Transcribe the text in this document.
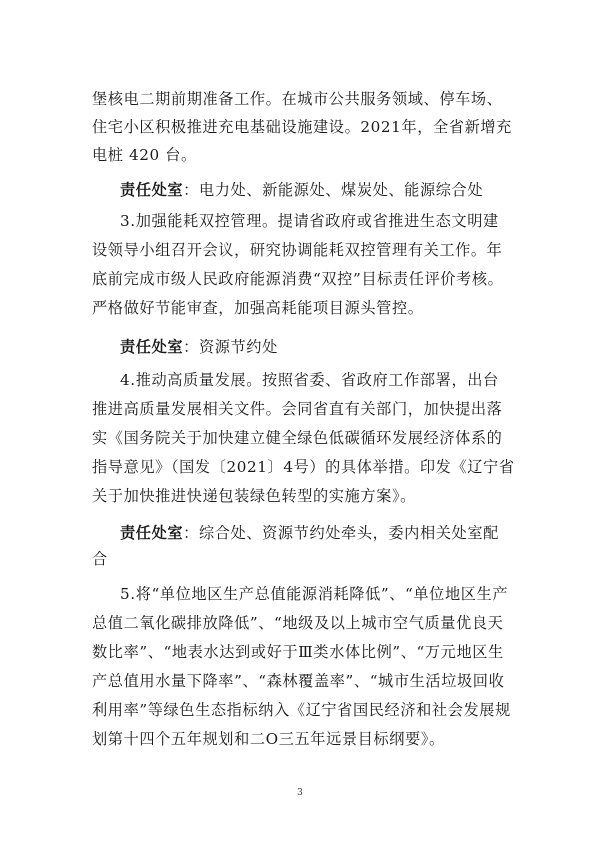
堡核电二期前期准备工作。在城市公共服务领域、停车场、
住宅小区积极推进充电基础设施建设。2021年，全省新增充
电桩 420 台。
责任处室：电力处、新能源处、煤炭处、能源综合处
3.加强能耗双控管理。提请省政府或省推进生态文明建
设领导小组召开会议，研究协调能耗双控管理有关工作。年
底前完成市级人民政府能源消费“双控”目标责任评价考核。
严格做好节能审查，加强高耗能项目源头管控。
责任处室：资源节约处
4.推动高质量发展。按照省委、省政府工作部署，出台
推进高质量发展相关文件。会同省直有关部门，加快提出落
实《国务院关于加快建立健全绿色低碳循环发展经济体系的
指导意见》（国发〔2021〕4号）的具体举措。印发《辽宁省
关于加快推进快递包装绿色转型的实施方案》。
责任处室：综合处、资源节约处牵头，委内相关处室配
合
5.将“单位地区生产总值能源消耗降低”、“单位地区生产
总值二氧化碳排放降低”、“地级及以上城市空气质量优良天
数比率”、“地表水达到或好于Ⅲ类水体比例”、“万元地区生
产总值用水量下降率”、“森林覆盖率”、“城市生活垃圾回收
利用率”等绿色生态指标纳入《辽宁省国民经济和社会发展规
划第十四个五年规划和二O三五年远景目标纲要》。
3
